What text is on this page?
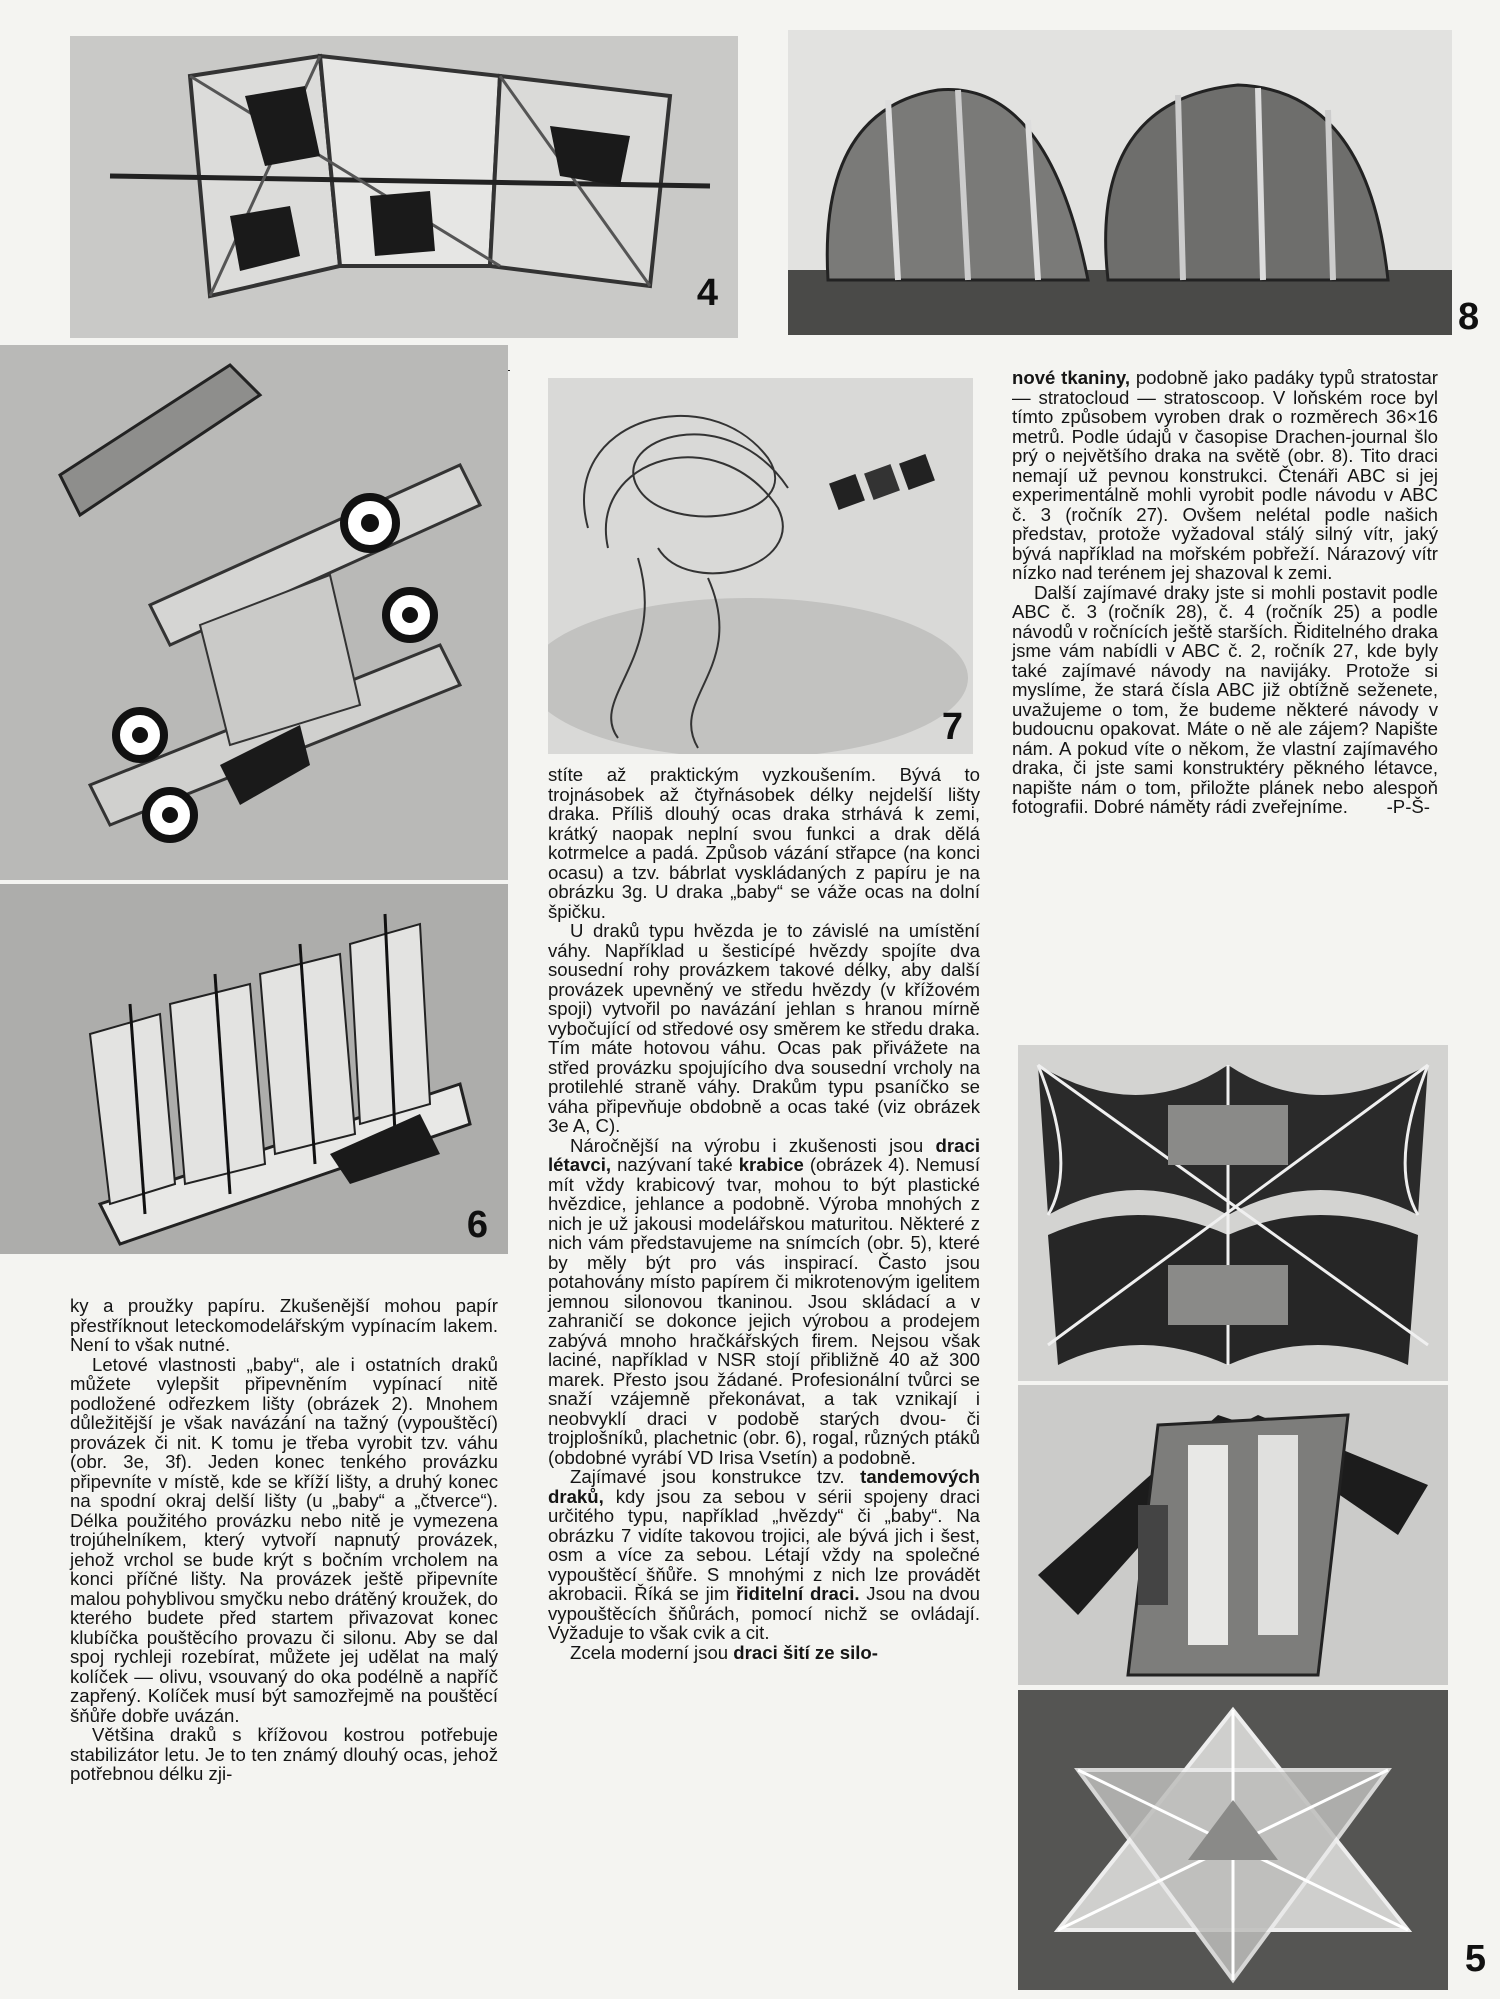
4
8
7
6

ky a proužky papíru. Zkušenější mohou papír přestříknout leteckomodelářským vypínacím lakem. Není to však nutné.

Letové vlastnosti „baby“, ale i ostatních draků můžete vylepšit připevněním vypínací nitě podložené odřezkem lišty (obrázek 2). Mnohem důležitější je však navázání na tažný (vypouštěcí) provázek či nit. K tomu je třeba vyrobit tzv. váhu (obr. 3e, 3f). Jeden konec tenkého provázku připevníte v místě, kde se kříží lišty, a druhý konec na spodní okraj delší lišty (u „baby“ a „čtverce“). Délka použitého provázku nebo nitě je vymezena trojúhelníkem, který vytvoří napnutý provázek, jehož vrchol se bude krýt s bočním vrcholem na konci příčné lišty. Na provázek ještě připevníte malou pohyblivou smyčku nebo drátěný kroužek, do kterého budete před startem přivazovat konec klubíčka pouštěcího provazu či silonu. Aby se dal spoj rychleji rozebírat, můžete jej udělat na malý kolíček — olivu, vsouvaný do oka podélně a napříč zapřený. Kolíček musí být samozřejmě na pouštěcí šňůře dobře uvázán.

Většina draků s křížovou kostrou potřebuje stabilizátor letu. Je to ten známý dlouhý ocas, jehož potřebnou délku zji-

stíte až praktickým vyzkoušením. Bývá to trojnásobek až čtyřnásobek délky nejdelší lišty draka. Příliš dlouhý ocas draka strhává k zemi, krátký naopak neplní svou funkci a drak dělá kotrmelce a padá. Způsob vázání střapce (na konci ocasu) a tzv. bábrlat vyskládaných z papíru je na obrázku 3g. U draka „baby“ se váže ocas na dolní špičku.

U draků typu hvězda je to závislé na umístění váhy. Například u šesticípé hvězdy spojíte dva sousední rohy provázkem takové délky, aby další provázek upevněný ve středu hvězdy (v křížovém spoji) vytvořil po navázání jehlan s hranou mírně vybočující od středové osy směrem ke středu draka. Tím máte hotovou váhu. Ocas pak přivážete na střed provázku spojujícího dva sousední vrcholy na protilehlé straně váhy. Drakům typu psaníčko se váha připevňuje obdobně a ocas také (viz obrázek 3e A, C).

Náročnější na výrobu i zkušenosti jsou draci létavci, nazývaní také krabice (obrázek 4). Nemusí mít vždy krabicový tvar, mohou to být plastické hvězdice, jehlance a podobně. Výroba mnohých z nich je už jakousi modelářskou maturitou. Některé z nich vám představujeme na snímcích (obr. 5), které by měly být pro vás inspirací. Často jsou potahovány místo papírem či mikrotenovým igelitem jemnou silonovou tkaninou. Jsou skládací a v zahraničí se dokonce jejich výrobou a prodejem zabývá mnoho hračkářských firem. Nejsou však laciné, například v NSR stojí přibližně 40 až 300 marek. Přesto jsou žádané. Profesionální tvůrci se snaží vzájemně překonávat, a tak vznikají i neobvyklí draci v podobě starých dvou- či trojplošníků, plachetnic (obr. 6), rogal, různých ptáků (obdobné vyrábí VD Irisa Vsetín) a podobně.

Zajímavé jsou konstrukce tzv. tandemových draků, kdy jsou za sebou v sérii spojeny draci určitého typu, například „hvězdy“ či „baby“. Na obrázku 7 vidíte takovou trojici, ale bývá jich i šest, osm a více za sebou. Létají vždy na společné vypouštěcí šňůře. S mnohými z nich lze provádět akrobacii. Říká se jim řiditelní draci. Jsou na dvou vypouštěcích šňůrách, pomocí nichž se ovládají. Vyžaduje to však cvik a cit.

Zcela moderní jsou draci šití ze silo-

nové tkaniny, podobně jako padáky typů stratostar — stratocloud — stratoscoop. V loňském roce byl tímto způsobem vyroben drak o rozměrech 36×16 metrů. Podle údajů v časopise Drachen-journal šlo prý o největšího draka na světě (obr. 8). Tito draci nemají už pevnou konstrukci. Čtenáři ABC si jej experimentálně mohli vyrobit podle návodu v ABC č. 3 (ročník 27). Ovšem nelétal podle našich představ, protože vyžadoval stálý silný vítr, jaký bývá například na mořském pobřeží. Nárazový vítr nízko nad terénem jej shazoval k zemi.

Další zajímavé draky jste si mohli postavit podle ABC č. 3 (ročník 28), č. 4 (ročník 25) a podle návodů v ročnících ještě starších. Řiditelného draka jsme vám nabídli v ABC č. 2, ročník 27, kde byly také zajímavé návody na navijáky. Protože si myslíme, že stará čísla ABC již obtížně seženete, uvažujeme o tom, že budeme některé návody v budoucnu opakovat. Máte o ně ale zájem? Napište nám. A pokud víte o někom, že vlastní zajímavého draka, či jste sami konstruktéry pěkného létavce, napište nám o tom, přiložte plánek nebo alespoň fotografii. Dobré náměty rádi zveřejníme.	-P-Š-

5
